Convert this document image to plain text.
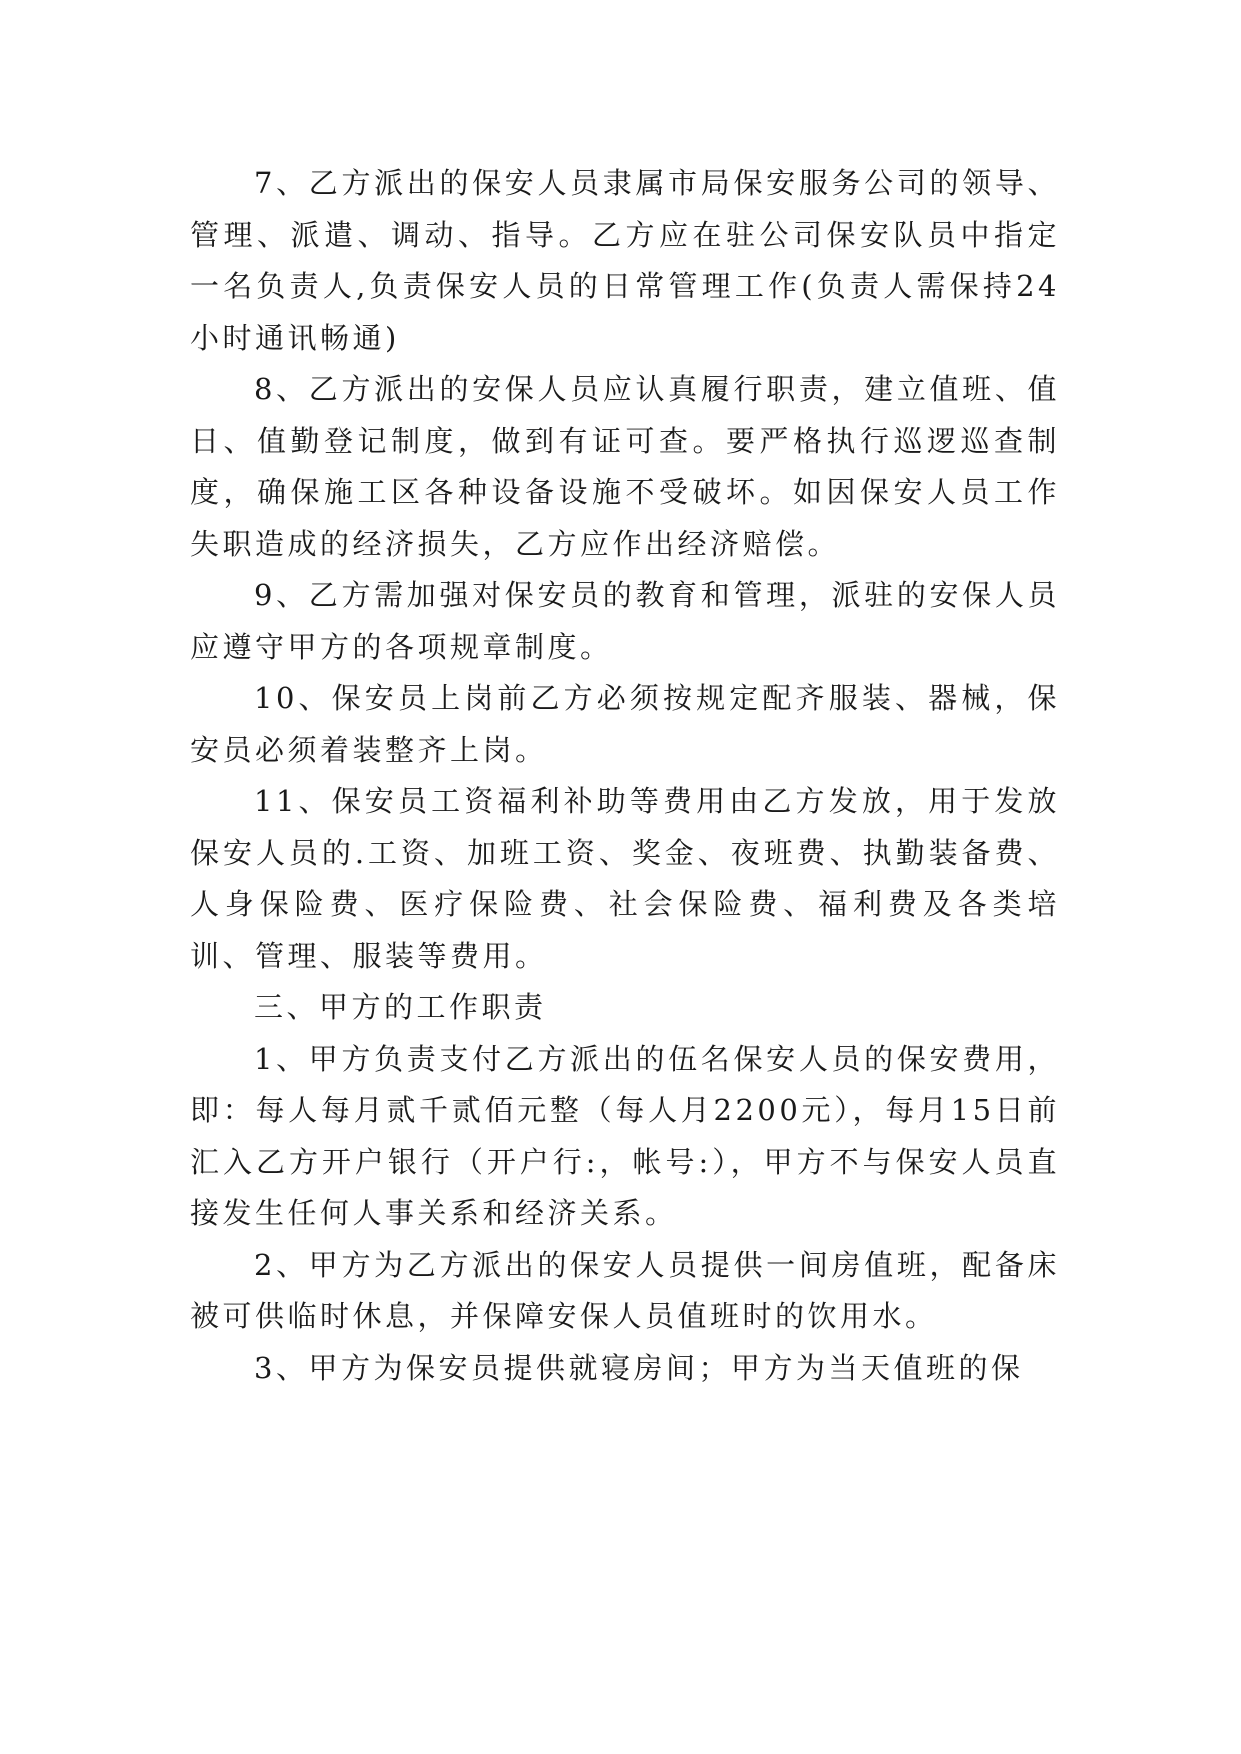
7、乙方派出的保安人员隶属市局保安服务公司的领导、管理、派遣、调动、指导。乙方应在驻公司保安队员中指定一名负责人,负责保安人员的日常管理工作(负责人需保持24小时通讯畅通)

8、乙方派出的安保人员应认真履行职责，建立值班、值日、值勤登记制度，做到有证可查。要严格执行巡逻巡查制度，确保施工区各种设备设施不受破坏。如因保安人员工作失职造成的经济损失，乙方应作出经济赔偿。

9、乙方需加强对保安员的教育和管理，派驻的安保人员应遵守甲方的各项规章制度。

10、保安员上岗前乙方必须按规定配齐服装、器械，保安员必须着装整齐上岗。

11、保安员工资福利补助等费用由乙方发放，用于发放保安人员的.工资、加班工资、奖金、夜班费、执勤装备费、人身保险费、医疗保险费、社会保险费、福利费及各类培训、管理、服装等费用。

三、甲方的工作职责

1、甲方负责支付乙方派出的伍名保安人员的保安费用，即：每人每月贰千贰佰元整（每人月2200元），每月15日前汇入乙方开户银行（开户行:，帐号:），甲方不与保安人员直接发生任何人事关系和经济关系。

2、甲方为乙方派出的保安人员提供一间房值班，配备床被可供临时休息，并保障安保人员值班时的饮用水。

3、甲方为保安员提供就寝房间；甲方为当天值班的保
